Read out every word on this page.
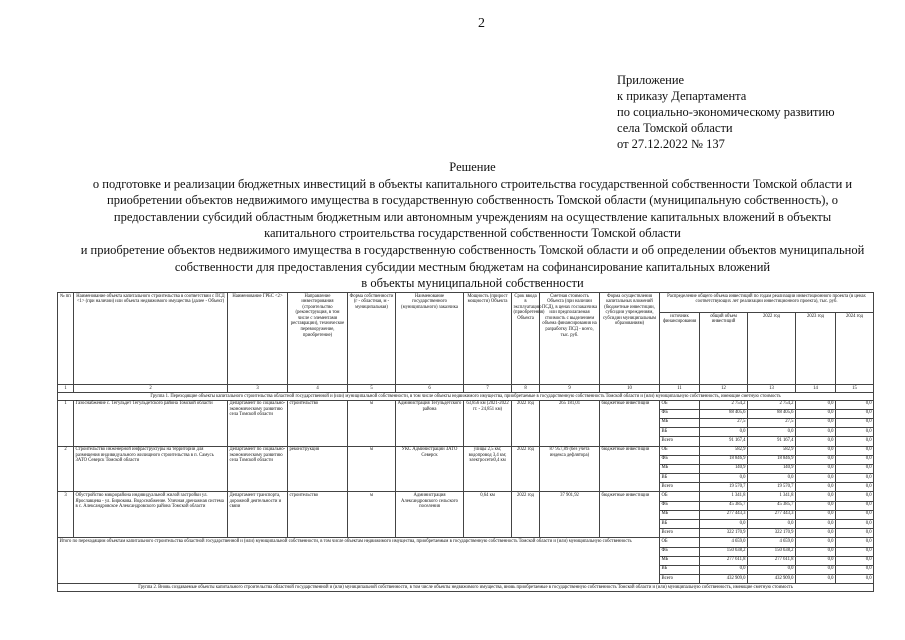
2
Приложение
к приказу Департамента
по социально-экономическому развитию
села Томской области
от 27.12.2022 № 137
Решение
о подготовке и реализации бюджетных инвестиций в объекты капитального строительства государственной собственности Томской области и
приобретении объектов недвижимого имущества в государственную собственность Томской области (муниципальную собственность), о
предоставлении субсидий областным бюджетным или автономным учреждениям на осуществление капитальных вложений в объекты
капитального строительства государственной собственности Томской области
и приобретение объектов недвижимого имущества в государственную собственность Томской области и об определении объектов муниципальной
собственности для предоставления субсидии местным бюджетам на софинансирование капитальных вложений
в объекты муниципальной собственности
№ пп	Наименование объекта капитального строительства в соответствии с ПСД <1> (при наличии) или объекта недвижимого имущества (далее - Объект)	Наименование ГРБС <2>	Направление инвестирования (строительство (реконструкция, в том числе с элементами реставрации), техническое перевооружение, приобретение)	Форма собственности (г - областная, м - муниципальная)	Наименование государственного (муниципального) заказчика	Мощность (прирост мощности) Объекта	Срок ввода в эксплуатацию (приобретения) Объекта	Сметная стоимость Объекта (при наличии ПСД), в ценах госзаказчика или предполагаемая стоимость с выделением объема финансирования на разработку ПСД - всего, тыс. руб.	Форма осуществления капитальных вложений (бюджетные инвестиции, субсидии учреждениям, субсидии муниципальным образованиям)	Распределение общего объема инвестиций по годам реализации инвестиционного проекта (в ценах соответствующих лет реализации инвестиционного проекта), тыс. руб.				
										источник финансирования	общий объем инвестиций	2022 год	2023 год	2024 год
1	2	3	4	5	6	7	8	9	10	11	12	13	14	15
Группа 1. Переходящие объекты капитального строительства областной государственной и (или) муниципальной собственности, в том числе объекты недвижимого имущества, приобретаемые в государственную собственность Томской области и (или) муниципальную собственность, имеющие сметную стоимость														
1	Газоснабжение с. Тегульдет Тегульдетского района Томской области	Департамент по социально-экономическому развитию села Томской области	строительство	м	Администрация Тегульдетского района	63,856 км (2021-2022 гг. - 24,851 км)	2022 год	265 181,01	бюджетные инвестиции	ОБ	2 754,2	2 754,2	0,0	0,0
										ФБ	88 405,6	88 405,6	0,0	0,0
										МБ	27,5	27,5	0,0	0,0
										ВБ	0,0	0,0	0,0	0,0
										Всего	91 167,4	91 167,4	0,0	0,0
2	Строительство инженерной инфраструктуры на территории для размещения индивидуального жилищного строительства в п. Самусь ЗАТО Северск Томской области	Департамент по социально-экономическому развитию села Томской области	реконструкция	м	УКС Администрации ЗАТО Северск	улицы 2,5 км; водопровод 3,4 км; электросети0,4 км	2022 год	87 957,89 (без учета индекса дефлятора)	бюджетные инвестиции	ОБ	582,9	582,9	0,0	0,0
										ФБ	18 846,9	18 846,9	0,0	0,0
										МБ	140,9	140,9	0,0	0,0
										ВБ	0,0	0,0	0,0	0,0
										Всего	19 570,7	19 570,7	0,0	0,0
3	Обустройство микрорайона индивидуальной жилой застройки ул. Ярославцева - ул. Бирюкова. Водоснабжение. Уличная дренажная система в с. Александровское Александровского района Томской области	Департамент транспорта, дорожной деятельности и связи	строительство	м	Администрация Александровского сельского поселения	0,64 км	2022 год	37 901,92	бюджетные инвестиции	ОБ	1 341,8	1 341,8	0,0	0,0
										ФБ	45 385,7	45 385,7	0,0	0,0
										МБ	277 443,3	277 443,3	0,0	0,0
										ВБ	0,0	0,0	0,0	0,0
										Всего	322 170,9	322 170,9	0,0	0,0
Итого по переходящим объектам капитального строительства областной государственной и (или) муниципальной собственности, в том числе объектам недвижимого имущества, приобретаемым в государственную собственность Томской области и (или) муниципальную собственность										ОБ	4 659,0	4 659,0	0,0	0,0
										ФБ	150 638,2	150 638,2	0,0	0,0
										МБ	277 611,8	277 611,8	0,0	0,0
										ВБ	0,0	0,0	0,0	0,0
										Всего	432 909,0	432 909,0	0,0	0,0
Группа 2. Вновь создаваемые объекты капитального строительства областной государственной и (или) муниципальной собственности, в том числе объекты недвижимого имущества, вновь приобретаемые в государственную собственность Томской области и (или) муниципальную собственность, имеющие сметную стоимость														
